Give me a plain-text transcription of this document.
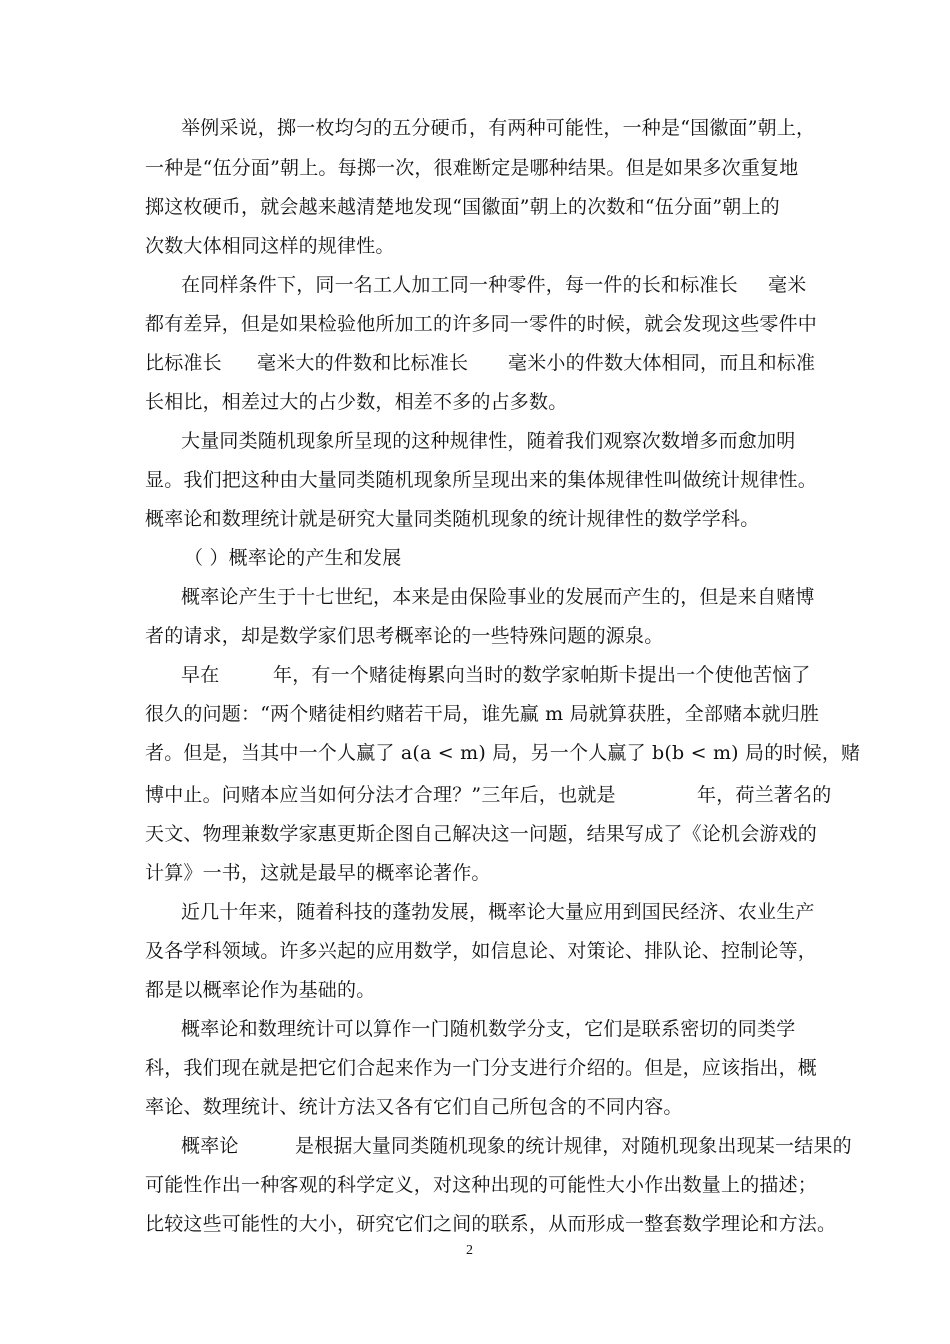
举例采说，掷一枚均匀的五分硬币，有两种可能性，一种是“国徽面”朝上，
一种是“伍分面”朝上。每掷一次，很难断定是哪种结果。但是如果多次重复地
掷这枚硬币，就会越来越清楚地发现“国徽面”朝上的次数和“伍分面”朝上的
次数大体相同这样的规律性。
在同样条件下，同一名工人加工同一种零件，每一件的长和标准长 毫米
都有差异，但是如果检验他所加工的许多同一零件的时候，就会发现这些零件中
比标准长 毫米大的件数和比标准长 毫米小的件数大体相同，而且和标准
长相比，相差过大的占少数，相差不多的占多数。
大量同类随机现象所呈现的这种规律性，随着我们观察次数增多而愈加明
显。我们把这种由大量同类随机现象所呈现出来的集体规律性叫做统计规律性。
概率论和数理统计就是研究大量同类随机现象的统计规律性的数学学科。
（ ）概率论的产生和发展
概率论产生于十七世纪，本来是由保险事业的发展而产生的，但是来自赌博
者的请求，却是数学家们思考概率论的一些特殊问题的源泉。
早在	年，有一个赌徒梅累向当时的数学家帕斯卡提出一个使他苦恼了
很久的问题：“两个赌徒相约赌若干局，谁先赢 m 局就算获胜，全部赌本就归胜
者。但是，当其中一个人赢了 a(a < m) 局，另一个人赢了 b(b < m) 局的时候，赌
博中止。问赌本应当如何分法才合理？”三年后，也就是	年，荷兰著名的
天文、物理兼数学家惠更斯企图自己解决这一问题，结果写成了《论机会游戏的
计算》一书，这就是最早的概率论著作。
近几十年来，随着科技的蓬勃发展，概率论大量应用到国民经济、农业生产
及各学科领域。许多兴起的应用数学，如信息论、对策论、排队论、控制论等，
都是以概率论作为基础的。
概率论和数理统计可以算作一门随机数学分支，它们是联系密切的同类学
科，我们现在就是把它们合起来作为一门分支进行介绍的。但是，应该指出，概
率论、数理统计、统计方法又各有它们自己所包含的不同内容。
概率论	是根据大量同类随机现象的统计规律，对随机现象出现某一结果的
可能性作出一种客观的科学定义，对这种出现的可能性大小作出数量上的描述；
比较这些可能性的大小，研究它们之间的联系，从而形成一整套数学理论和方法。
2
